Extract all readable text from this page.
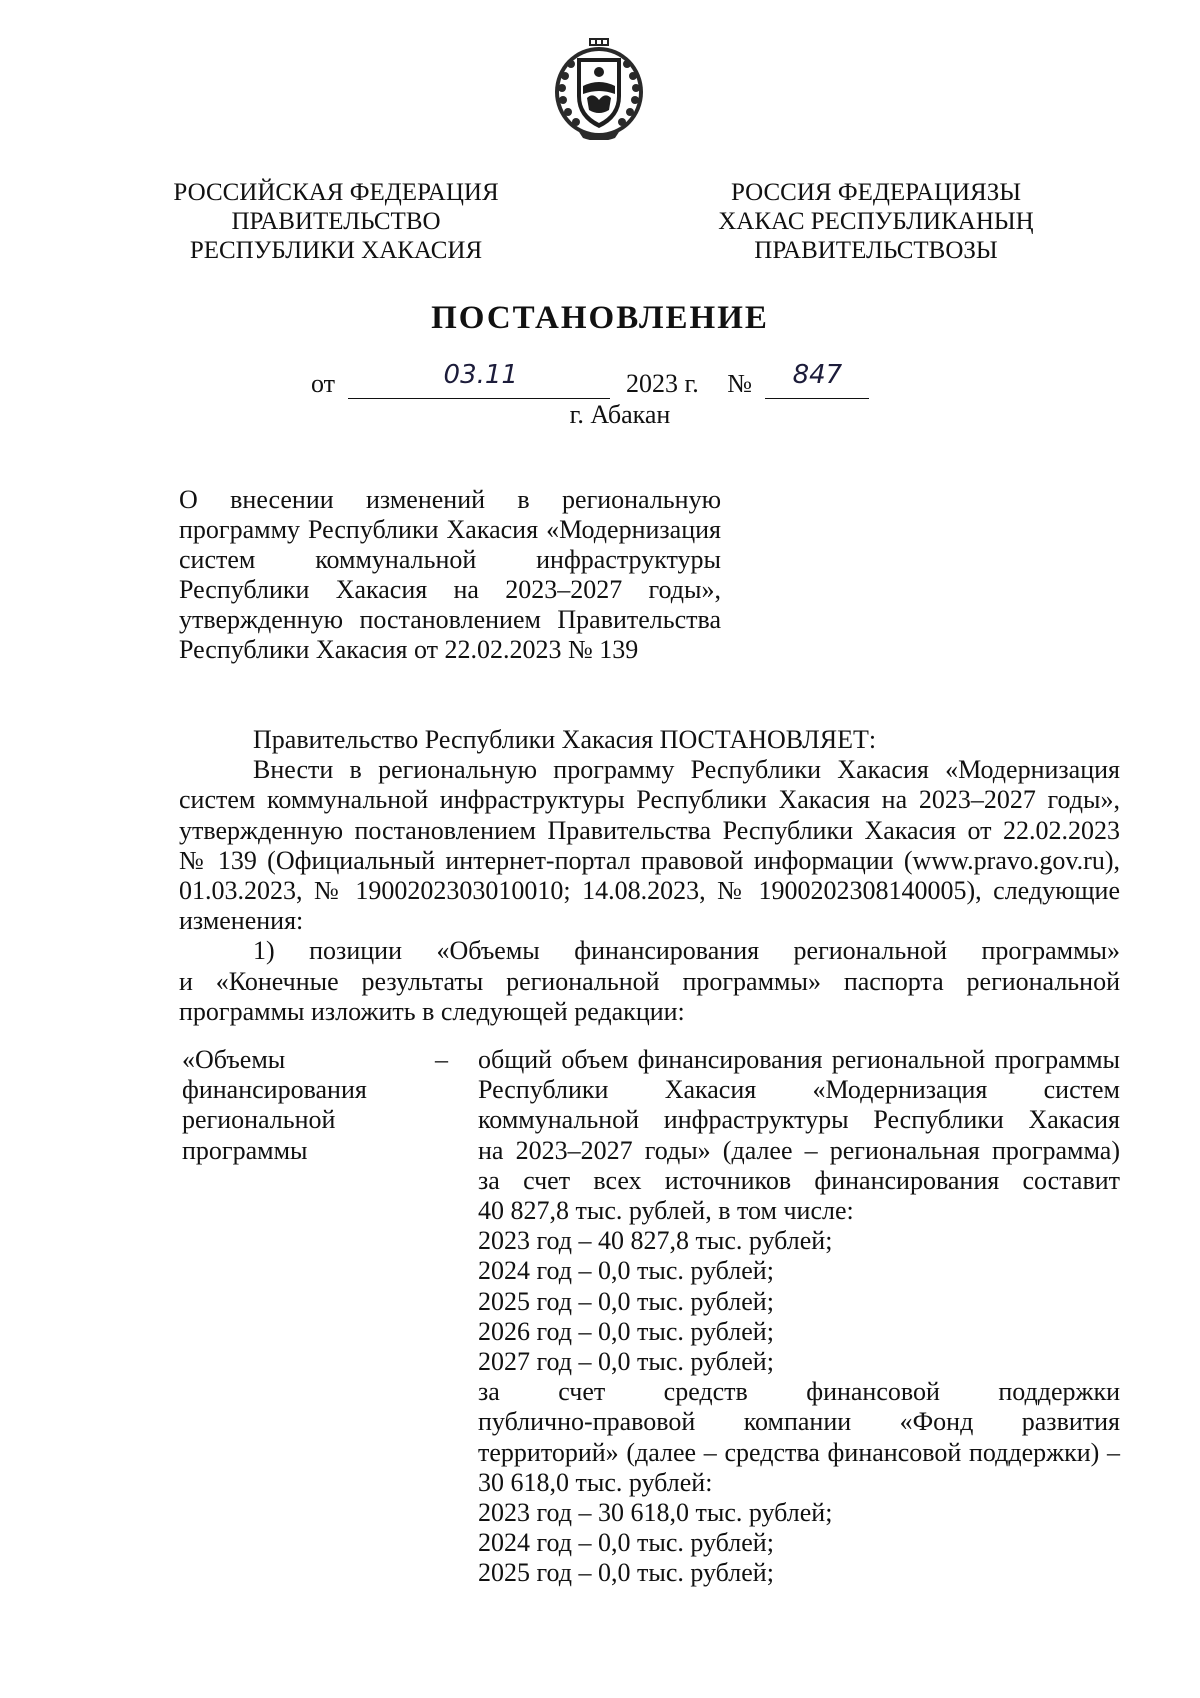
РОССИЙСКАЯ ФЕДЕРАЦИЯ
ПРАВИТЕЛЬСТВО
РЕСПУБЛИКИ ХАКАСИЯ
РОССИЯ ФЕДЕРАЦИЯЗЫ
ХАКАС РЕСПУБЛИКАНЫҢ
ПРАВИТЕЛЬСТВОЗЫ
ПОСТАНОВЛЕНИЕ
от	03.11	2023 г. № 847
г. Абакан
О внесении изменений в региональную
программу Республики Хакасия «Модернизация
систем коммунальной инфраструктуры
Республики Хакасия на 2023–2027 годы»,
утвержденную постановлением Правительства
Республики Хакасия от 22.02.2023 № 139
Правительство Республики Хакасия ПОСТАНОВЛЯЕТ:
Внести в региональную программу Республики Хакасия «Модернизация
систем коммунальной инфраструктуры Республики Хакасия на 2023–2027 годы»,
утвержденную постановлением Правительства Республики Хакасия от 22.02.2023
№ 139 (Официальный интернет-портал правовой информации (www.pravo.gov.ru),
01.03.2023, № 1900202303010010; 14.08.2023, № 1900202308140005), следующие
изменения:
1) позиции «Объемы финансирования региональной программы»
и «Конечные результаты региональной программы» паспорта региональной
программы изложить в следующей редакции:
«Объемы
финансирования
региональной
программы
– общий объем финансирования региональной программы
Республики Хакасия «Модернизация систем
коммунальной инфраструктуры Республики Хакасия
на 2023–2027 годы» (далее – региональная программа)
за счет всех источников финансирования составит
40 827,8 тыс. рублей, в том числе:
2023 год – 40 827,8 тыс. рублей;
2024 год – 0,0 тыс. рублей;
2025 год – 0,0 тыс. рублей;
2026 год – 0,0 тыс. рублей;
2027 год – 0,0 тыс. рублей;
за счет средств финансовой поддержки
публично-правовой компании «Фонд развития
территорий» (далее – средства финансовой поддержки) –
30 618,0 тыс. рублей:
2023 год – 30 618,0 тыс. рублей;
2024 год – 0,0 тыс. рублей;
2025 год – 0,0 тыс. рублей;
